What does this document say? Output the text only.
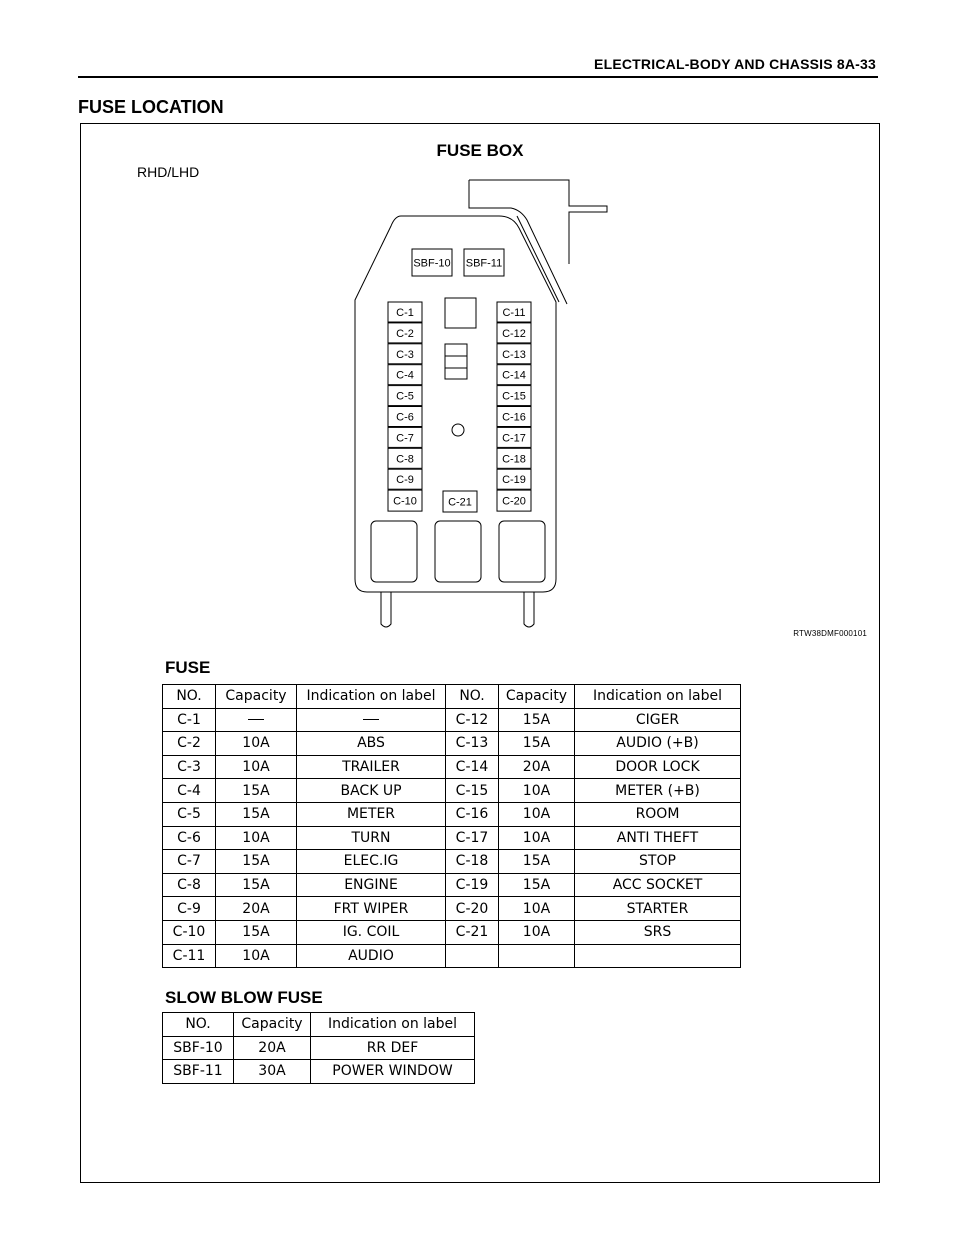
ELECTRICAL-BODY AND CHASSIS 8A-33
FUSE LOCATION
FUSE BOX
RHD/LHD
SBF-10 SBF-11
C-1
C-2
C-3
C-4
C-5
C-6
C-7
C-8
C-9
C-10
C-11
C-12
C-13
C-14
C-15
C-16
C-17
C-18
C-19
C-20
C-21
RTW38DMF000101
FUSE
NO.	Capacity	Indication on label	NO.	Capacity	Indication on label
C-1			C-12	15A	CIGER
C-2	10A	ABS	C-13	15A	AUDIO (+B)
C-3	10A	TRAILER	C-14	20A	DOOR LOCK
C-4	15A	BACK UP	C-15	10A	METER (+B)
C-5	15A	METER	C-16	10A	ROOM
C-6	10A	TURN	C-17	10A	ANTI THEFT
C-7	15A	ELEC.IG	C-18	15A	STOP
C-8	15A	ENGINE	C-19	15A	ACC SOCKET
C-9	20A	FRT WIPER	C-20	10A	STARTER
C-10	15A	IG. COIL	C-21	10A	SRS
C-11	10A	AUDIO			
SLOW BLOW FUSE
NO.	Capacity	Indication on label
SBF-10	20A	RR DEF
SBF-11	30A	POWER WINDOW
